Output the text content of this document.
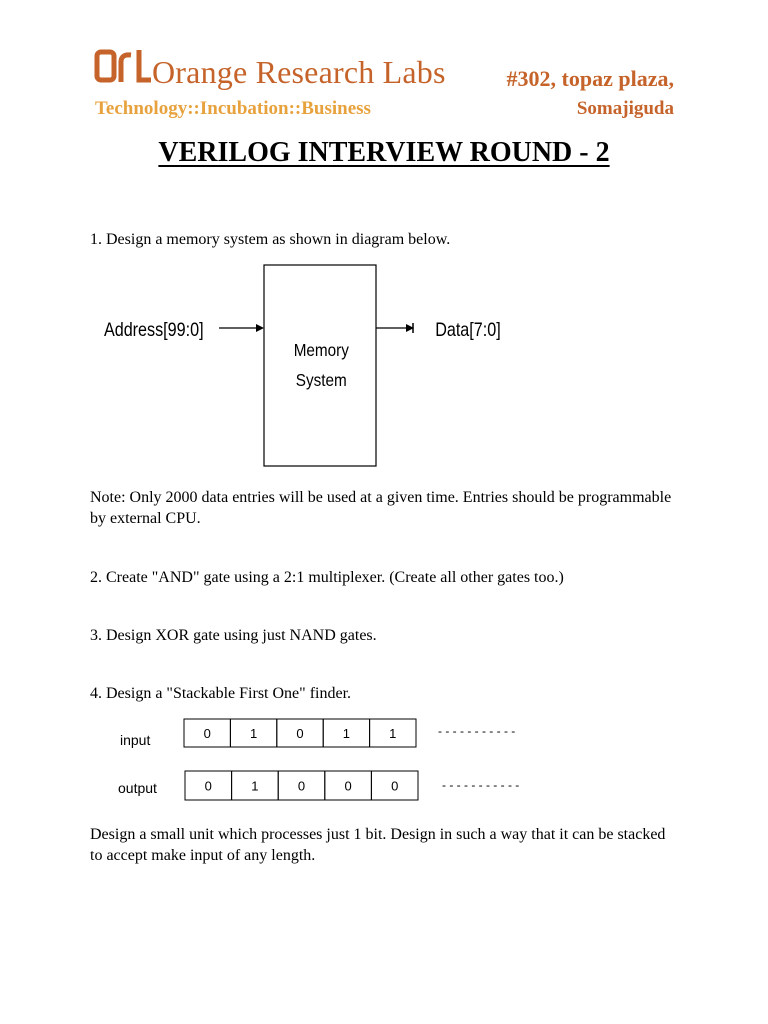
Orange Research Labs	#302, topaz plaza,
Technology::Incubation::Business	Somajiguda
VERILOG INTERVIEW ROUND - 2
1. Design a memory system as shown in diagram below.
Address[99:0]	Data[7:0]
Memory
System
input
output
0	1	0	1	1
0	1	0	0	0
- - - - - - - - - - -
- - - - - - - - - - -
Note: Only 2000 data entries will be used at a given time. Entries should be programmable by external CPU.
2. Create "AND" gate using a 2:1 multiplexer. (Create all other gates too.)
3. Design XOR gate using just NAND gates.
4. Design a "Stackable First One" finder.
Design a small unit which processes just 1 bit. Design in such a way that it can be stacked to accept make input of any length.
